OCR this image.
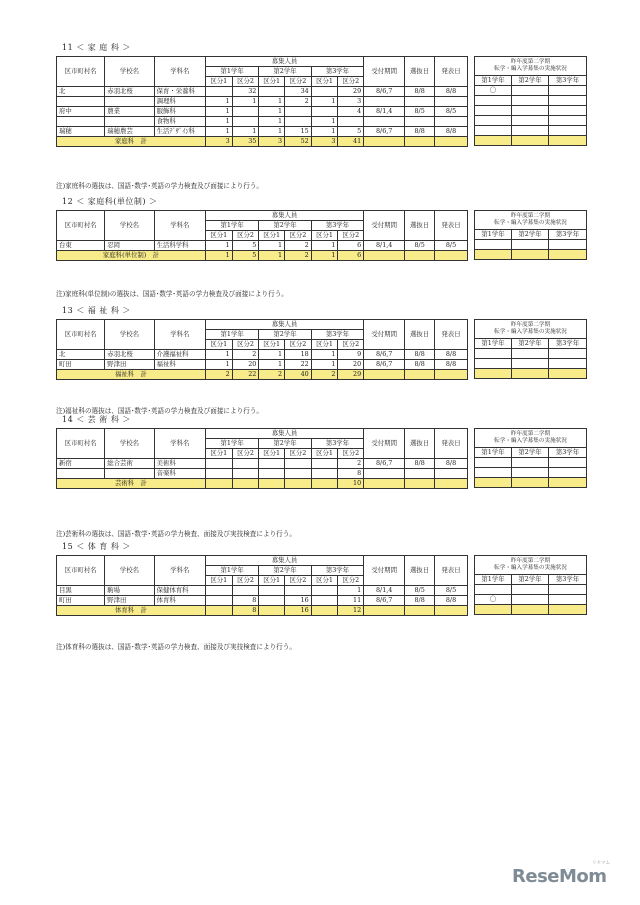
11 ＜ 家 庭 科 ＞
区市町村名	学校名	学科名	募集人員						受付期間	選抜日	発表日
			第1学年		第2学年		第3学年				
			区分1	区分2	区分1	区分2	区分1	区分2			
北	赤羽北桜	保育・栄養科		32		34		29	8/6,7	8/8	8/8
		調理科	1	1	1	2	1	3			
府中	農業	服飾科	1		1			4	8/1,4	8/5	8/5
		食物科	1		1		1				
瑞穂	瑞穂農芸	生活ﾃﾞｻﾞｲﾝ科	1	1	1	15	1	5	8/6,7	8/8	8/8
家庭科　計			3	35	3	52	3	41			
昨年度第二学期
転学・編入学募集の実施状況		

第1学年	第2学年	第3学年
〇		

注)家庭科の選抜は、国語･数学･英語の学力検査及び面接により行う。
12 ＜ 家庭科(単位制) ＞
区市町村名	学校名	学科名	募集人員						受付期間	選抜日	発表日
			第1学年		第2学年		第3学年				
			区分1	区分2	区分1	区分2	区分1	区分2			
台東	忍岡	生活科学科	1	5	1	2	1	6	8/1,4	8/5	8/5
家庭科(単位制)　計			1	5	1	2	1	6			
昨年度第二学期
転学・編入学募集の実施状況		

第1学年	第2学年	第3学年

注)家庭科(単位制)の選抜は、国語･数学･英語の学力検査及び面接により行う。
13 ＜ 福 祉 科 ＞
区市町村名	学校名	学科名	募集人員						受付期間	選抜日	発表日
			第1学年		第2学年		第3学年				
			区分1	区分2	区分1	区分2	区分1	区分2			
北	赤羽北桜	介護福祉科	1	2	1	18	1	9	8/6,7	8/8	8/8
町田	野津田	福祉科	1	20	1	22	1	20	8/6,7	8/8	8/8
福祉科　計			2	22	2	40	2	29			
昨年度第二学期
転学・編入学募集の実施状況		

第1学年	第2学年	第3学年

注)福祉科の選抜は、国語･数学･英語の学力検査及び面接により行う。
14 ＜ 芸 術 科 ＞
区市町村名	学校名	学科名	募集人員						受付期間	選抜日	発表日
			第1学年		第2学年		第3学年				
			区分1	区分2	区分1	区分2	区分1	区分2			
新宿	総合芸術	美術科						2	8/6,7	8/8	8/8
		音楽科						8			
芸術科　計								10			
昨年度第二学期
転学・編入学募集の実施状況		

第1学年	第2学年	第3学年

注)芸術科の選抜は、国語･数学･英語の学力検査、面接及び実技検査により行う。
15 ＜ 体 育 科 ＞
区市町村名	学校名	学科名	募集人員						受付期間	選抜日	発表日
			第1学年		第2学年		第3学年				
			区分1	区分2	区分1	区分2	区分1	区分2			
目黒	駒場	保健体育科						1	8/1,4	8/5	8/5
町田	野津田	体育科		8		16		11	8/6,7	8/8	8/8
体育科　計				8		16		12			
昨年度第二学期
転学・編入学募集の実施状況		

第1学年	第2学年	第3学年

〇		

注)体育科の選抜は、国語･数学･英語の学力検査、面接及び実技検査により行う。
ReseMom
リセマム
